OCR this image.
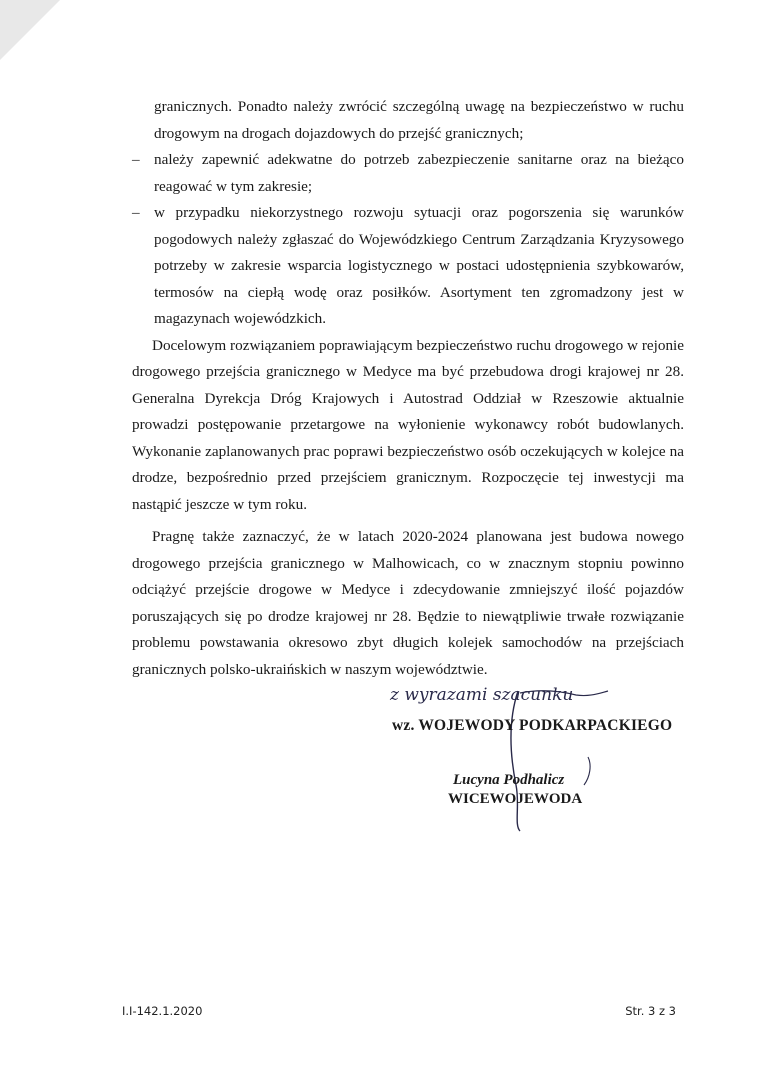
granicznych. Ponadto należy zwrócić szczególną uwagę na bezpieczeństwo w ruchu drogowym na drogach dojazdowych do przejść granicznych;
– należy zapewnić adekwatne do potrzeb zabezpieczenie sanitarne oraz na bieżąco reagować w tym zakresie;
– w przypadku niekorzystnego rozwoju sytuacji oraz pogorszenia się warunków pogodowych należy zgłaszać do Wojewódzkiego Centrum Zarządzania Kryzysowego potrzeby w zakresie wsparcia logistycznego w postaci udostępnienia szybkowarów, termosów na ciepłą wodę oraz posiłków. Asortyment ten zgromadzony jest w magazynach wojewódzkich.
Docelowym rozwiązaniem poprawiającym bezpieczeństwo ruchu drogowego w rejonie drogowego przejścia granicznego w Medyce ma być przebudowa drogi krajowej nr 28. Generalna Dyrekcja Dróg Krajowych i Autostrad Oddział w Rzeszowie aktualnie prowadzi postępowanie przetargowe na wyłonienie wykonawcy robót budowlanych. Wykonanie zaplanowanych prac poprawi bezpieczeństwo osób oczekujących w kolejce na drodze, bezpośrednio przed przejściem granicznym. Rozpoczęcie tej inwestycji ma nastąpić jeszcze w tym roku.
Pragnę także zaznaczyć, że w latach 2020-2024 planowana jest budowa nowego drogowego przejścia granicznego w Malhowicach, co w znacznym stopniu powinno odciążyć przejście drogowe w Medyce i zdecydowanie zmniejszyć ilość pojazdów poruszających się po drodze krajowej nr 28. Będzie to niewątpliwie trwałe rozwiązanie problemu powstawania okresowo zbyt długich kolejek samochodów na przejściach granicznych polsko-ukraińskich w naszym województwie.
z wyrazami szacunku
wz. WOJEWODY PODKARPACKIEGO
Lucyna Podhalicz
WICEWOJEWODA
I.I-142.1.2020	Str. 3 z 3
